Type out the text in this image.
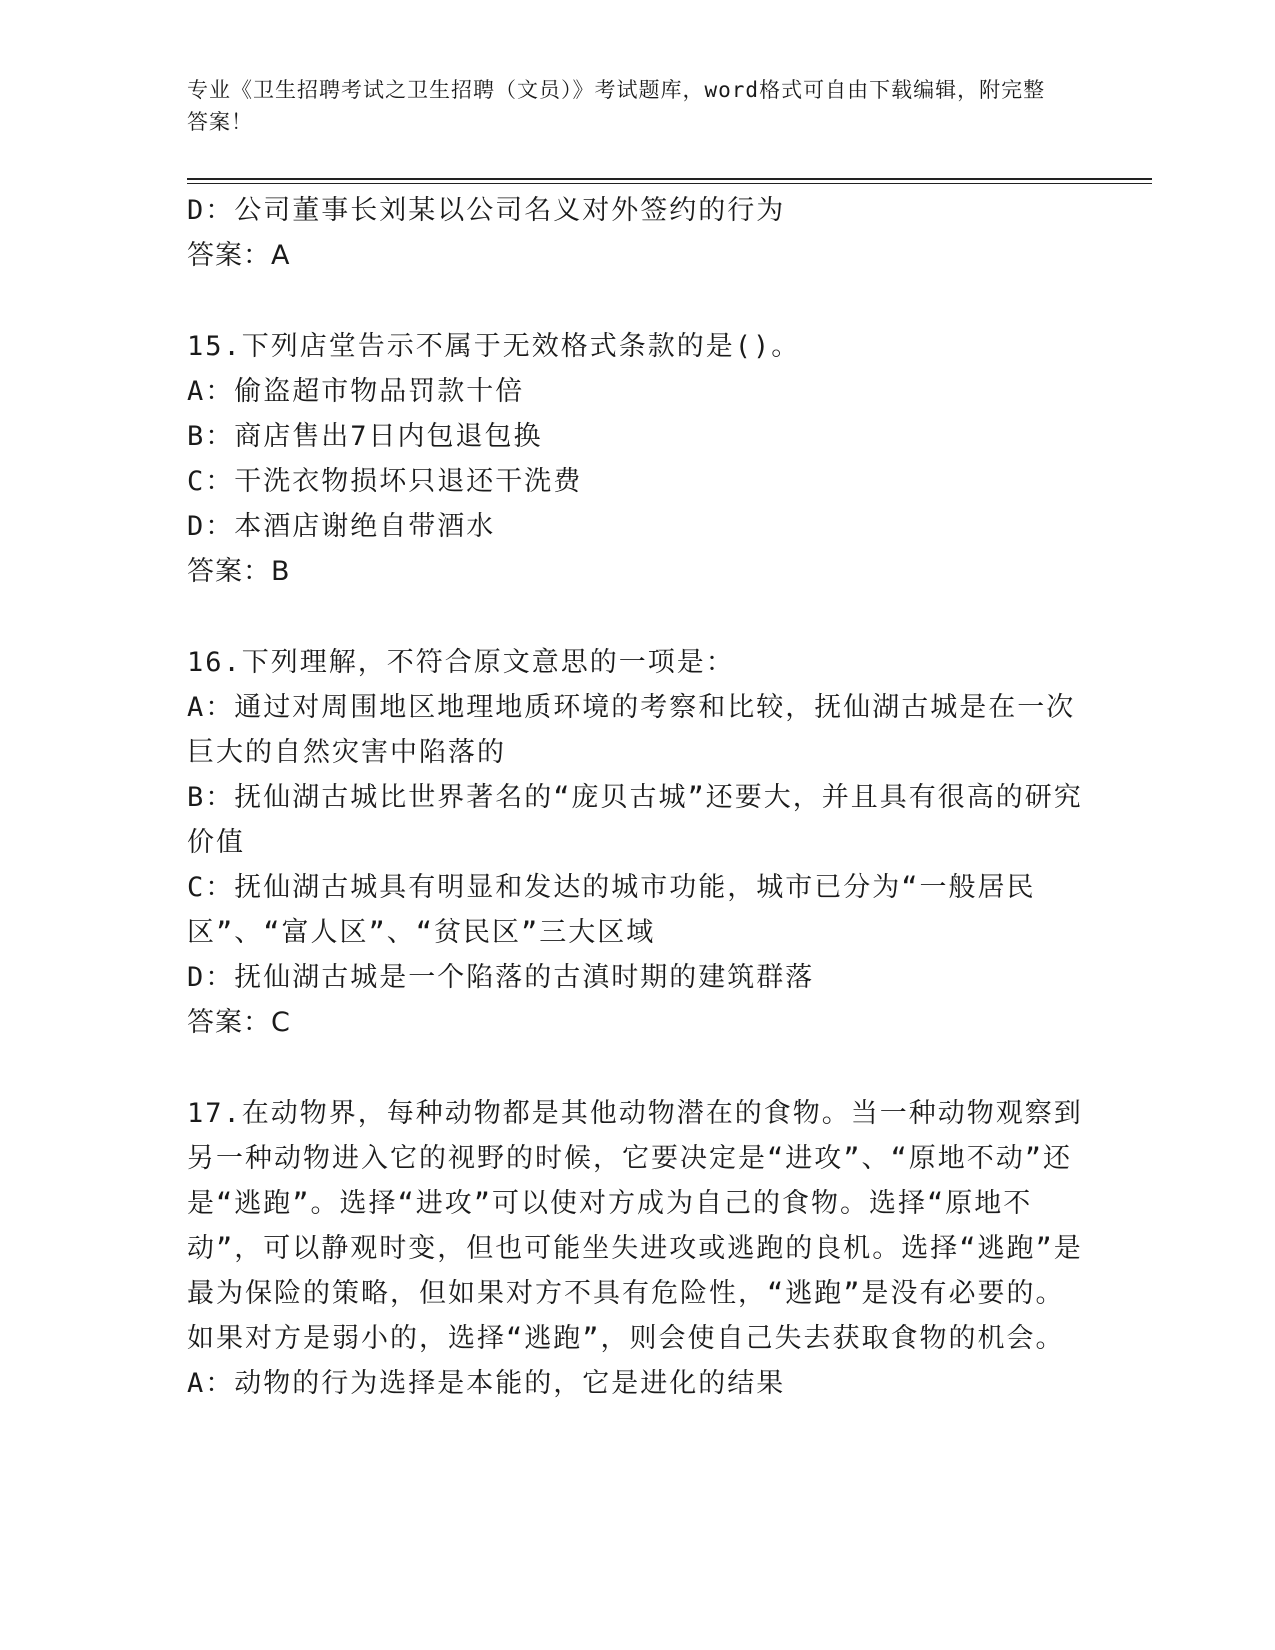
专业《卫生招聘考试之卫生招聘（文员）》考试题库，word格式可自由下载编辑，附完整答案！

D：公司董事长刘某以公司名义对外签约的行为

答案：A

15.下列店堂告示不属于无效格式条款的是()。

A：偷盗超市物品罚款十倍

B：商店售出7日内包退包换

C：干洗衣物损坏只退还干洗费

D：本酒店谢绝自带酒水

答案：B

16.下列理解，不符合原文意思的一项是：

A：通过对周围地区地理地质环境的考察和比较，抚仙湖古城是在一次巨大的自然灾害中陷落的

B：抚仙湖古城比世界著名的“庞贝古城”还要大，并且具有很高的研究价值

C：抚仙湖古城具有明显和发达的城市功能，城市已分为“一般居民区”、“富人区”、“贫民区”三大区域

D：抚仙湖古城是一个陷落的古滇时期的建筑群落

答案：C

17.在动物界，每种动物都是其他动物潜在的食物。当一种动物观察到另一种动物进入它的视野的时候，它要决定是“进攻”、“原地不动”还是“逃跑”。选择“进攻”可以使对方成为自己的食物。选择“原地不动”，可以静观时变，但也可能坐失进攻或逃跑的良机。选择“逃跑”是最为保险的策略，但如果对方不具有危险性，“逃跑”是没有必要的。如果对方是弱小的，选择“逃跑”，则会使自己失去获取食物的机会。

A：动物的行为选择是本能的，它是进化的结果
